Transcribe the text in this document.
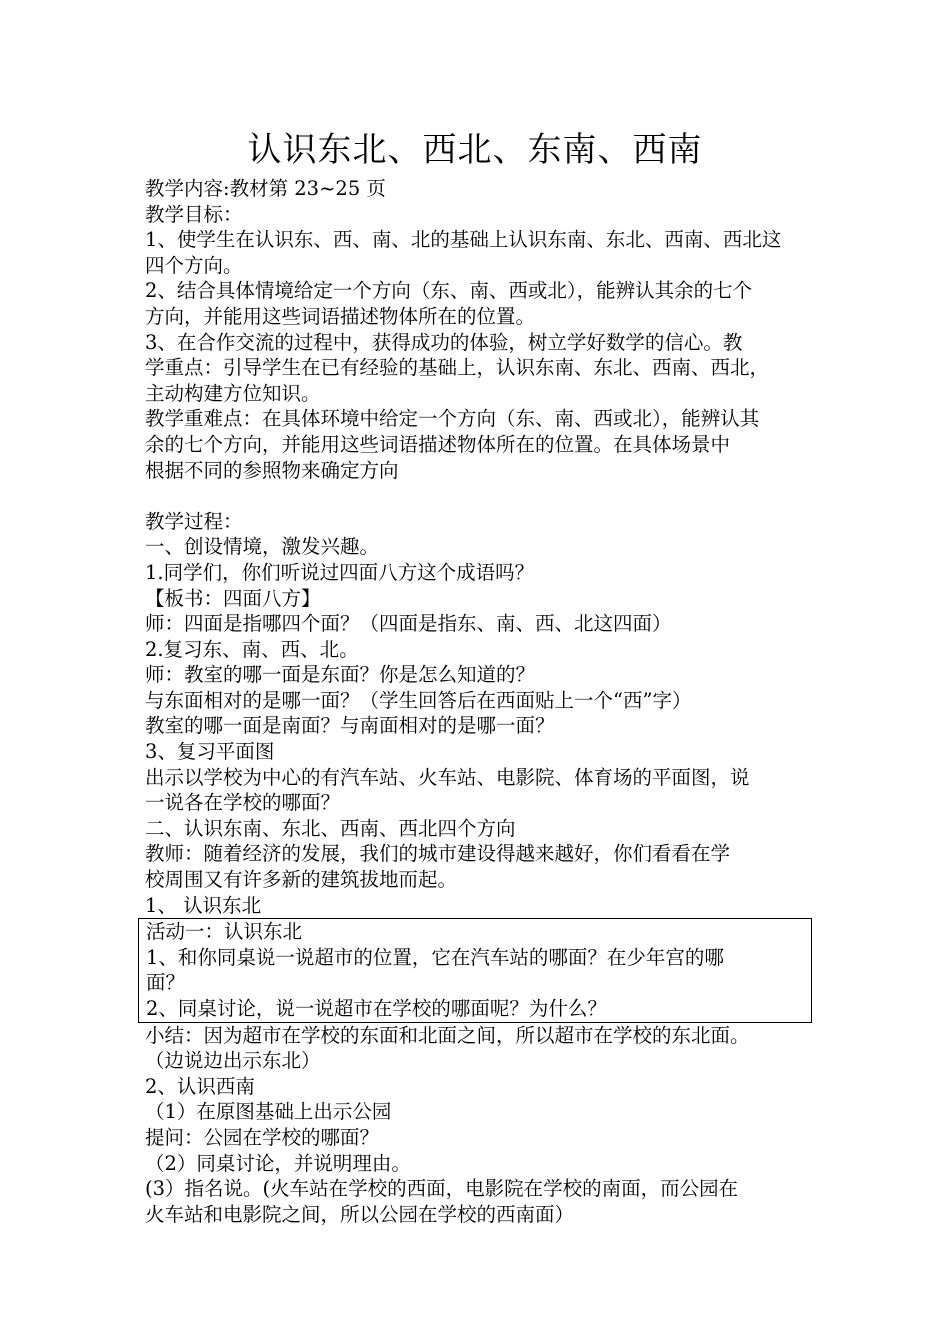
认识东北、西北、东南、西南

教学内容:教材第 23~25 页

教学目标：

1、使学生在认识东、西、南、北的基础上认识东南、东北、西南、西北这

四个方向。

2、结合具体情境给定一个方向（东、南、西或北），能辨认其余的七个

方向，并能用这些词语描述物体所在的位置。

3、在合作交流的过程中，获得成功的体验，树立学好数学的信心。教

学重点：引导学生在已有经验的基础上，认识东南、东北、西南、西北，

主动构建方位知识。

教学重难点：在具体环境中给定一个方向（东、南、西或北），能辨认其

余的七个方向，并能用这些词语描述物体所在的位置。在具体场景中

根据不同的参照物来确定方向

教学过程：

一、创设情境，激发兴趣。

1.同学们，你们听说过四面八方这个成语吗？

【板书：四面八方】

师：四面是指哪四个面？（四面是指东、南、西、北这四面）

2.复习东、南、西、北。

师：教室的哪一面是东面？你是怎么知道的？

与东面相对的是哪一面？（学生回答后在西面贴上一个“西”字）

教室的哪一面是南面？与南面相对的是哪一面？

3、复习平面图

出示以学校为中心的有汽车站、火车站、电影院、体育场的平面图，说

一说各在学校的哪面？

二、认识东南、东北、西南、西北四个方向

教师：随着经济的发展，我们的城市建设得越来越好，你们看看在学

校周围又有许多新的建筑拔地而起。

1、 认识东北

活动一：认识东北

1、和你同桌说一说超市的位置，它在汽车站的哪面？在少年宫的哪

面？

2、同桌讨论，说一说超市在学校的哪面呢？为什么？

小结：因为超市在学校的东面和北面之间，所以超市在学校的东北面。

（边说边出示东北）

2、认识西南

（1）在原图基础上出示公园

提问：公园在学校的哪面？

（2）同桌讨论，并说明理由。

(3）指名说。(火车站在学校的西面，电影院在学校的南面，而公园在

火车站和电影院之间，所以公园在学校的西南面）
